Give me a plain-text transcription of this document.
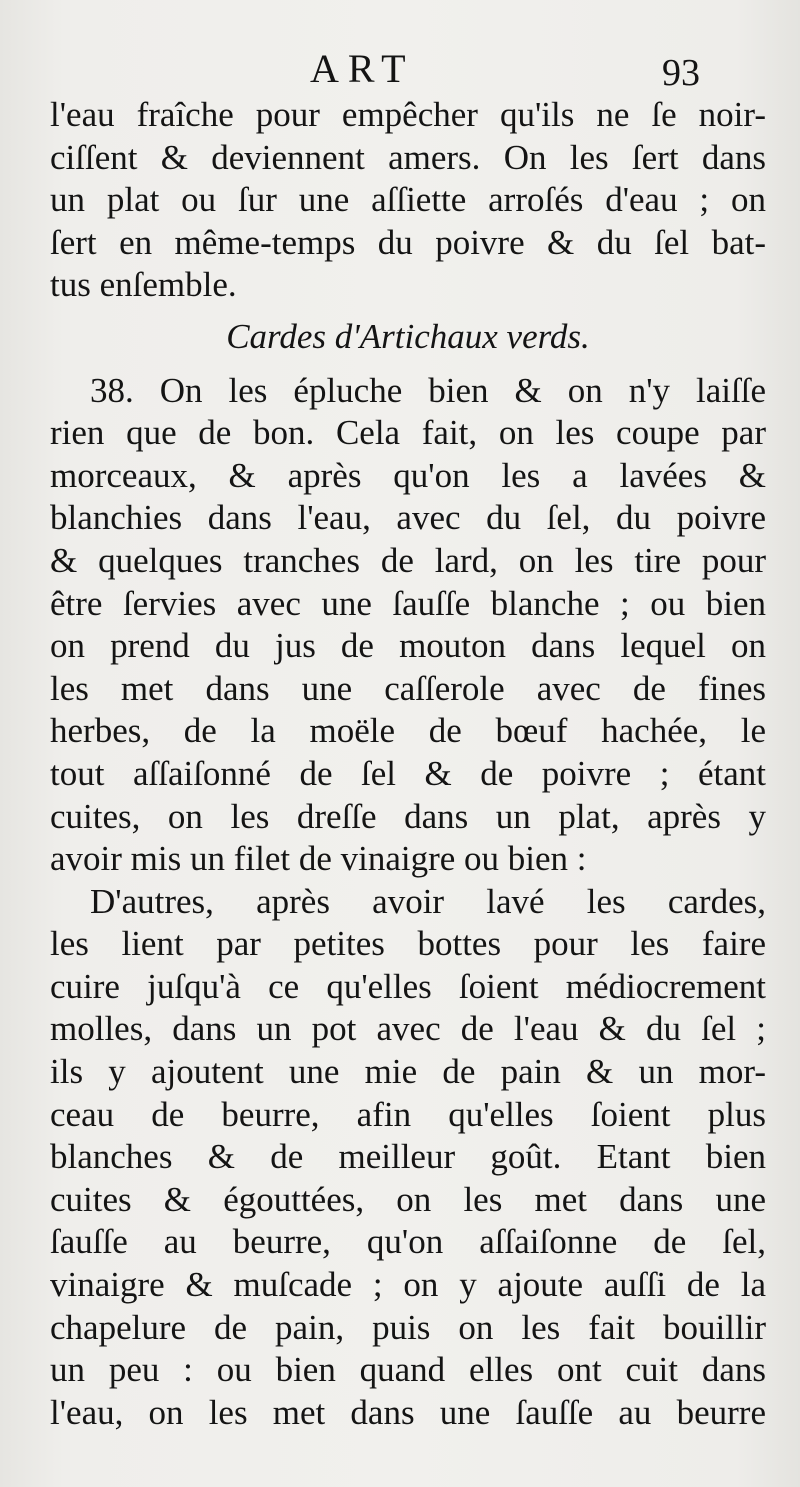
ART	93
l'eau fraîche pour empêcher qu'ils ne ſe noir-
ciſſent & deviennent amers. On les ſert dans
un plat ou ſur une aſſiette arroſés d'eau ; on
ſert en même-temps du poivre & du ſel bat-
tus enſemble.
Cardes d'Artichaux verds.
38. On les épluche bien & on n'y laiſſe
rien que de bon. Cela fait, on les coupe par
morceaux, & après qu'on les a lavées &
blanchies dans l'eau, avec du ſel, du poivre
& quelques tranches de lard, on les tire pour
être ſervies avec une ſauſſe blanche ; ou bien
on prend du jus de mouton dans lequel on
les met dans une caſſerole avec de fines
herbes, de la moële de bœuf hachée, le
tout aſſaiſonné de ſel & de poivre ; étant
cuites, on les dreſſe dans un plat, après y
avoir mis un filet de vinaigre ou bien :
D'autres, après avoir lavé les cardes,
les lient par petites bottes pour les faire
cuire juſqu'à ce qu'elles ſoient médiocrement
molles, dans un pot avec de l'eau & du ſel ;
ils y ajoutent une mie de pain & un mor-
ceau de beurre, afin qu'elles ſoient plus
blanches & de meilleur goût. Etant bien
cuites & égouttées, on les met dans une
ſauſſe au beurre, qu'on aſſaiſonne de ſel,
vinaigre & muſcade ; on y ajoute auſſi de la
chapelure de pain, puis on les fait bouillir
un peu : ou bien quand elles ont cuit dans
l'eau, on les met dans une ſauſſe au beurre
